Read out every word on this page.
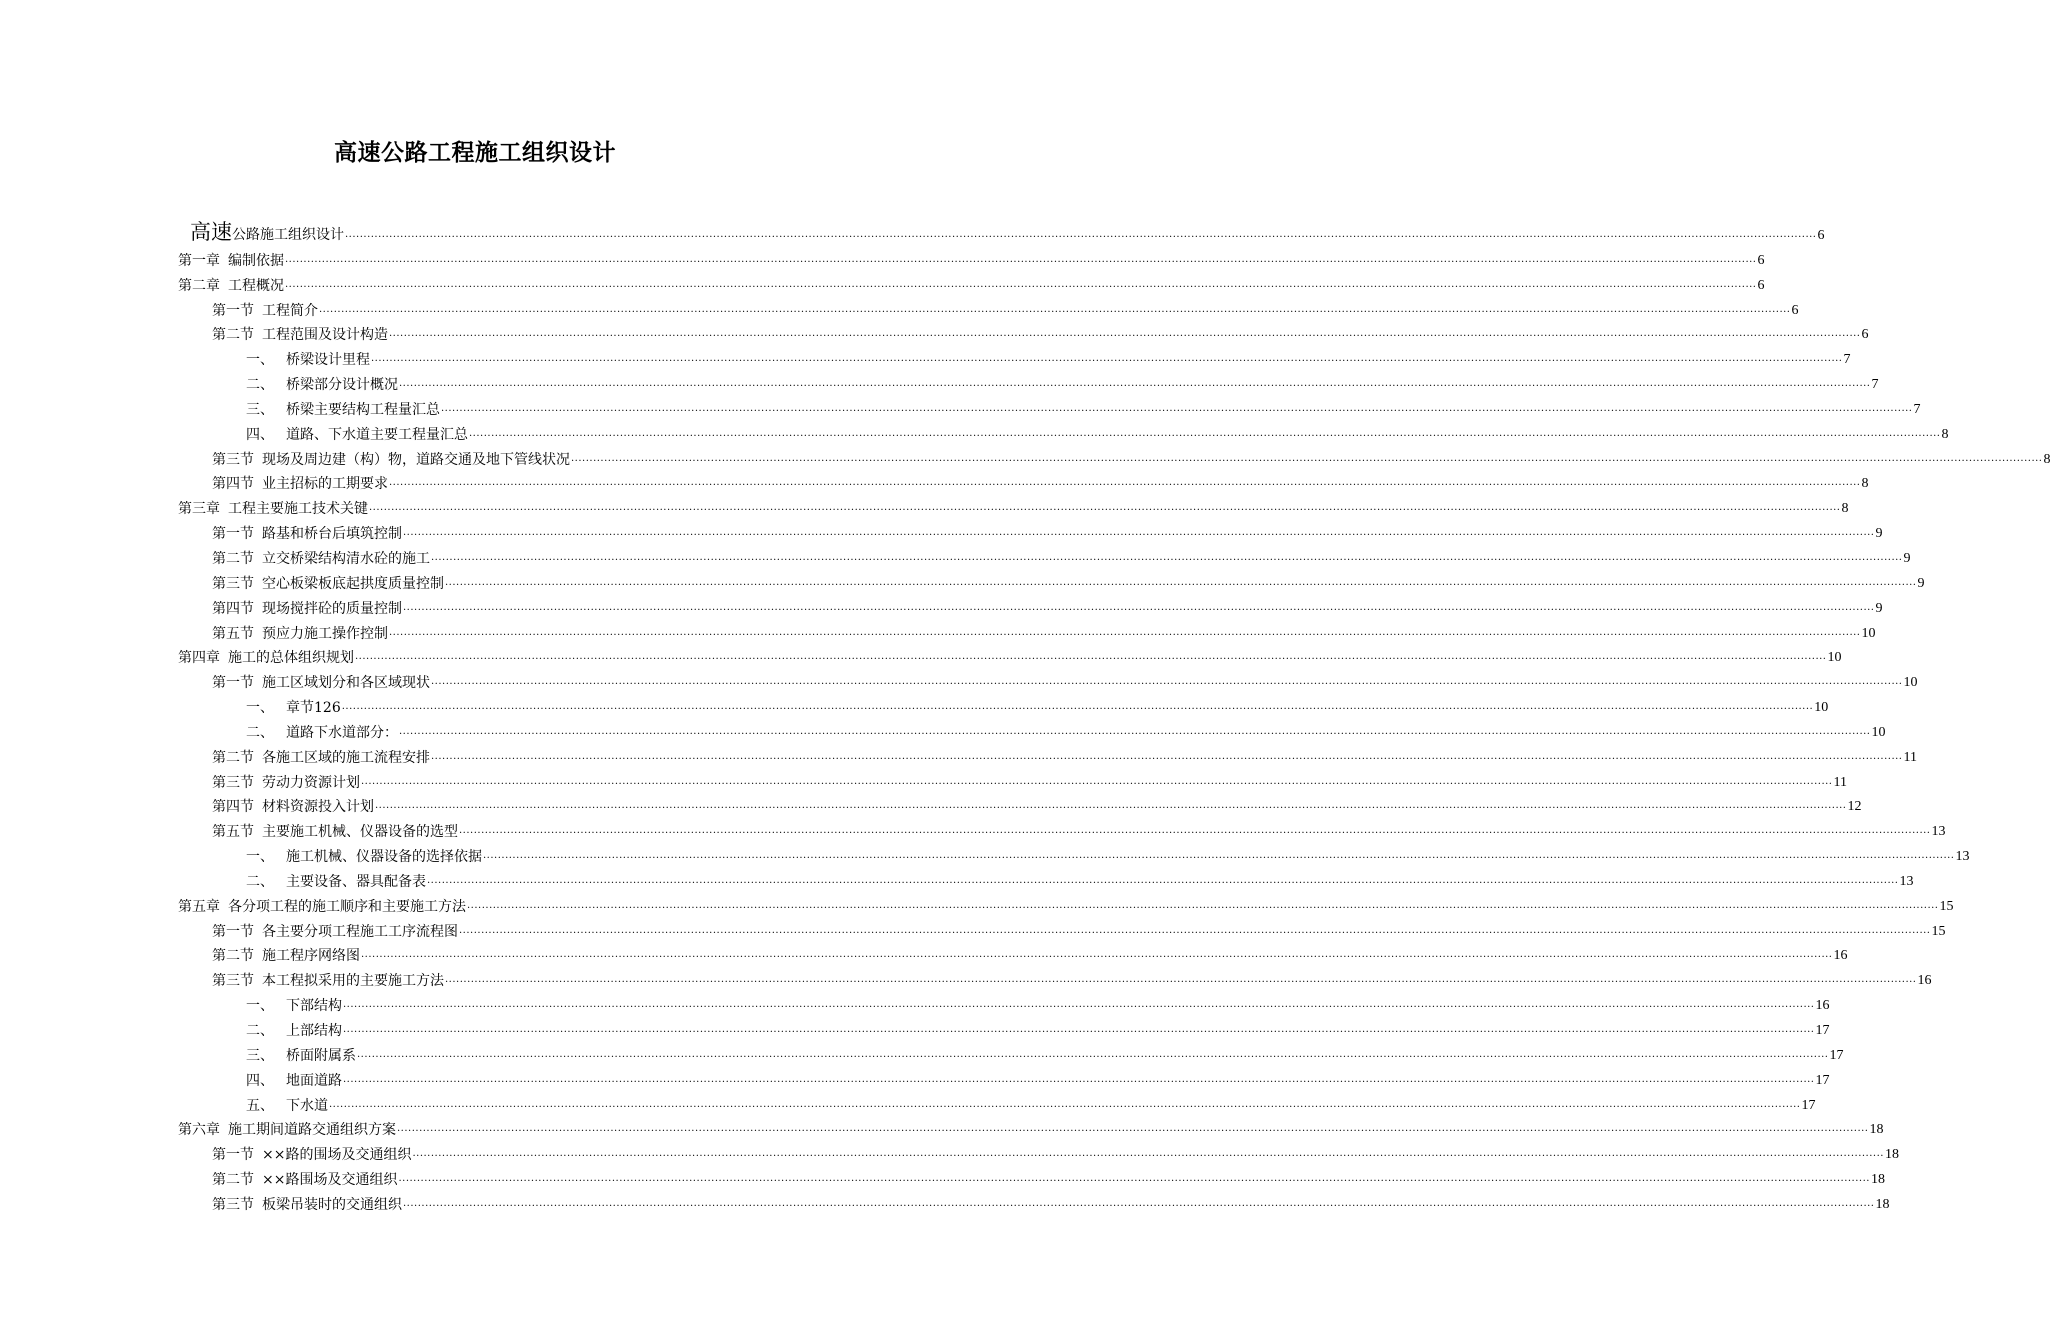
高速公路工程施工组织设计
高速公路施工组织设计 ................................................................................................................................................................................................................................................................................................................................................................................................................ 6
第一章 编制依据 ................................................................................................................................................................................................................................................................................................................................................................................................................ 6
第二章 工程概况 ................................................................................................................................................................................................................................................................................................................................................................................................................ 6
第一节 工程简介 ................................................................................................................................................................................................................................................................................................................................................................................................................ 6
第二节 工程范围及设计构造 ................................................................................................................................................................................................................................................................................................................................................................................................................ 6
一、 桥梁设计里程 ................................................................................................................................................................................................................................................................................................................................................................................................................ 7
二、 桥梁部分设计概况 ................................................................................................................................................................................................................................................................................................................................................................................................................ 7
三、 桥梁主要结构工程量汇总 ................................................................................................................................................................................................................................................................................................................................................................................................................ 7
四、 道路、下水道主要工程量汇总 ................................................................................................................................................................................................................................................................................................................................................................................................................ 8
第三节 现场及周边建（构）物，道路交通及地下管线状况 ................................................................................................................................................................................................................................................................................................................................................................................................................ 8
第四节 业主招标的工期要求 ................................................................................................................................................................................................................................................................................................................................................................................................................ 8
第三章 工程主要施工技术关键 ................................................................................................................................................................................................................................................................................................................................................................................................................ 8
第一节 路基和桥台后填筑控制 ................................................................................................................................................................................................................................................................................................................................................................................................................ 9
第二节 立交桥梁结构清水砼的施工 ................................................................................................................................................................................................................................................................................................................................................................................................................ 9
第三节 空心板梁板底起拱度质量控制 ................................................................................................................................................................................................................................................................................................................................................................................................................ 9
第四节 现场搅拌砼的质量控制 ................................................................................................................................................................................................................................................................................................................................................................................................................ 9
第五节 预应力施工操作控制 ................................................................................................................................................................................................................................................................................................................................................................................................................ 10
第四章 施工的总体组织规划 ................................................................................................................................................................................................................................................................................................................................................................................................................ 10
第一节 施工区域划分和各区域现状 ................................................................................................................................................................................................................................................................................................................................................................................................................ 10
一、 章节126 ................................................................................................................................................................................................................................................................................................................................................................................................................ 10
二、 道路下水道部分： ................................................................................................................................................................................................................................................................................................................................................................................................................ 10
第二节 各施工区域的施工流程安排 ................................................................................................................................................................................................................................................................................................................................................................................................................ 11
第三节 劳动力资源计划 ................................................................................................................................................................................................................................................................................................................................................................................................................ 11
第四节 材料资源投入计划 ................................................................................................................................................................................................................................................................................................................................................................................................................ 12
第五节 主要施工机械、仪器设备的选型 ................................................................................................................................................................................................................................................................................................................................................................................................................ 13
一、 施工机械、仪器设备的选择依据 ................................................................................................................................................................................................................................................................................................................................................................................................................ 13
二、 主要设备、器具配备表 ................................................................................................................................................................................................................................................................................................................................................................................................................ 13
第五章 各分项工程的施工顺序和主要施工方法 ................................................................................................................................................................................................................................................................................................................................................................................................................ 15
第一节 各主要分项工程施工工序流程图 ................................................................................................................................................................................................................................................................................................................................................................................................................ 15
第二节 施工程序网络图 ................................................................................................................................................................................................................................................................................................................................................................................................................ 16
第三节 本工程拟采用的主要施工方法 ................................................................................................................................................................................................................................................................................................................................................................................................................ 16
一、 下部结构 ................................................................................................................................................................................................................................................................................................................................................................................................................ 16
二、 上部结构 ................................................................................................................................................................................................................................................................................................................................................................................................................ 17
三、 桥面附属系 ................................................................................................................................................................................................................................................................................................................................................................................................................ 17
四、 地面道路 ................................................................................................................................................................................................................................................................................................................................................................................................................ 17
五、 下水道 ................................................................................................................................................................................................................................................................................................................................................................................................................ 17
第六章 施工期间道路交通组织方案 ................................................................................................................................................................................................................................................................................................................................................................................................................ 18
第一节 ××路的围场及交通组织 ................................................................................................................................................................................................................................................................................................................................................................................................................ 18
第二节 ××路围场及交通组织 ................................................................................................................................................................................................................................................................................................................................................................................................................ 18
第三节 板梁吊装时的交通组织 ................................................................................................................................................................................................................................................................................................................................................................................................................ 18
